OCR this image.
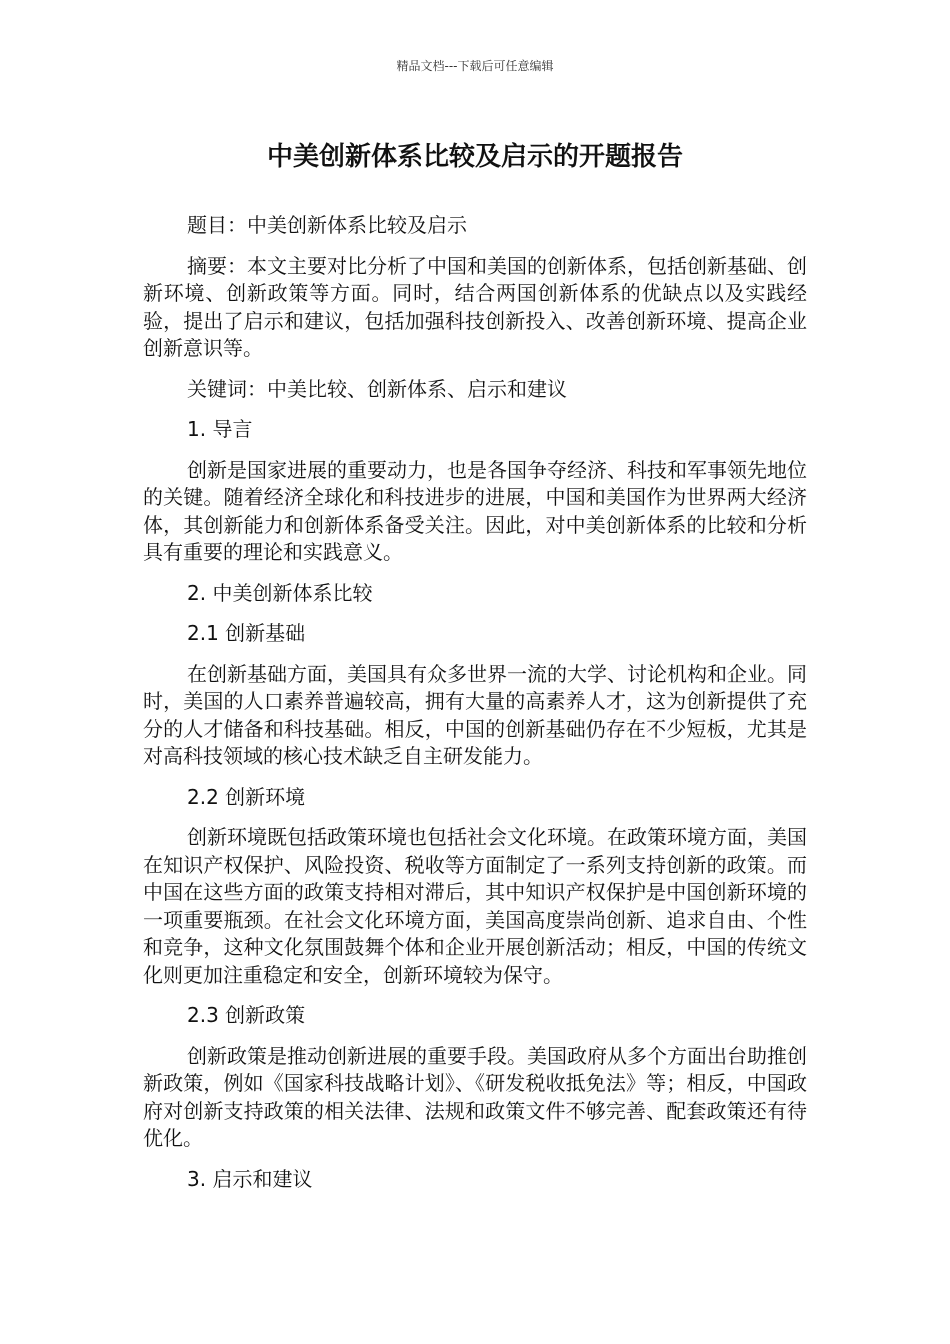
精品文档---下载后可任意编辑
中美创新体系比较及启示的开题报告

题目：中美创新体系比较及启示

摘要：本文主要对比分析了中国和美国的创新体系，包括创新基础、创新环境、创新政策等方面。同时，结合两国创新体系的优缺点以及实践经验，提出了启示和建议，包括加强科技创新投入、改善创新环境、提高企业创新意识等。

关键词：中美比较、创新体系、启示和建议

1. 导言

创新是国家进展的重要动力，也是各国争夺经济、科技和军事领先地位的关键。随着经济全球化和科技进步的进展，中国和美国作为世界两大经济体，其创新能力和创新体系备受关注。因此，对中美创新体系的比较和分析具有重要的理论和实践意义。

2. 中美创新体系比较

2.1 创新基础

在创新基础方面，美国具有众多世界一流的大学、讨论机构和企业。同时，美国的人口素养普遍较高，拥有大量的高素养人才，这为创新提供了充分的人才储备和科技基础。相反，中国的创新基础仍存在不少短板，尤其是对高科技领域的核心技术缺乏自主研发能力。

2.2 创新环境

创新环境既包括政策环境也包括社会文化环境。在政策环境方面，美国在知识产权保护、风险投资、税收等方面制定了一系列支持创新的政策。而中国在这些方面的政策支持相对滞后，其中知识产权保护是中国创新环境的一项重要瓶颈。在社会文化环境方面，美国高度崇尚创新、追求自由、个性和竞争，这种文化氛围鼓舞个体和企业开展创新活动；相反，中国的传统文化则更加注重稳定和安全，创新环境较为保守。

2.3 创新政策

创新政策是推动创新进展的重要手段。美国政府从多个方面出台助推创新政策，例如《国家科技战略计划》、《研发税收抵免法》等；相反，中国政府对创新支持政策的相关法律、法规和政策文件不够完善、配套政策还有待优化。

3. 启示和建议
